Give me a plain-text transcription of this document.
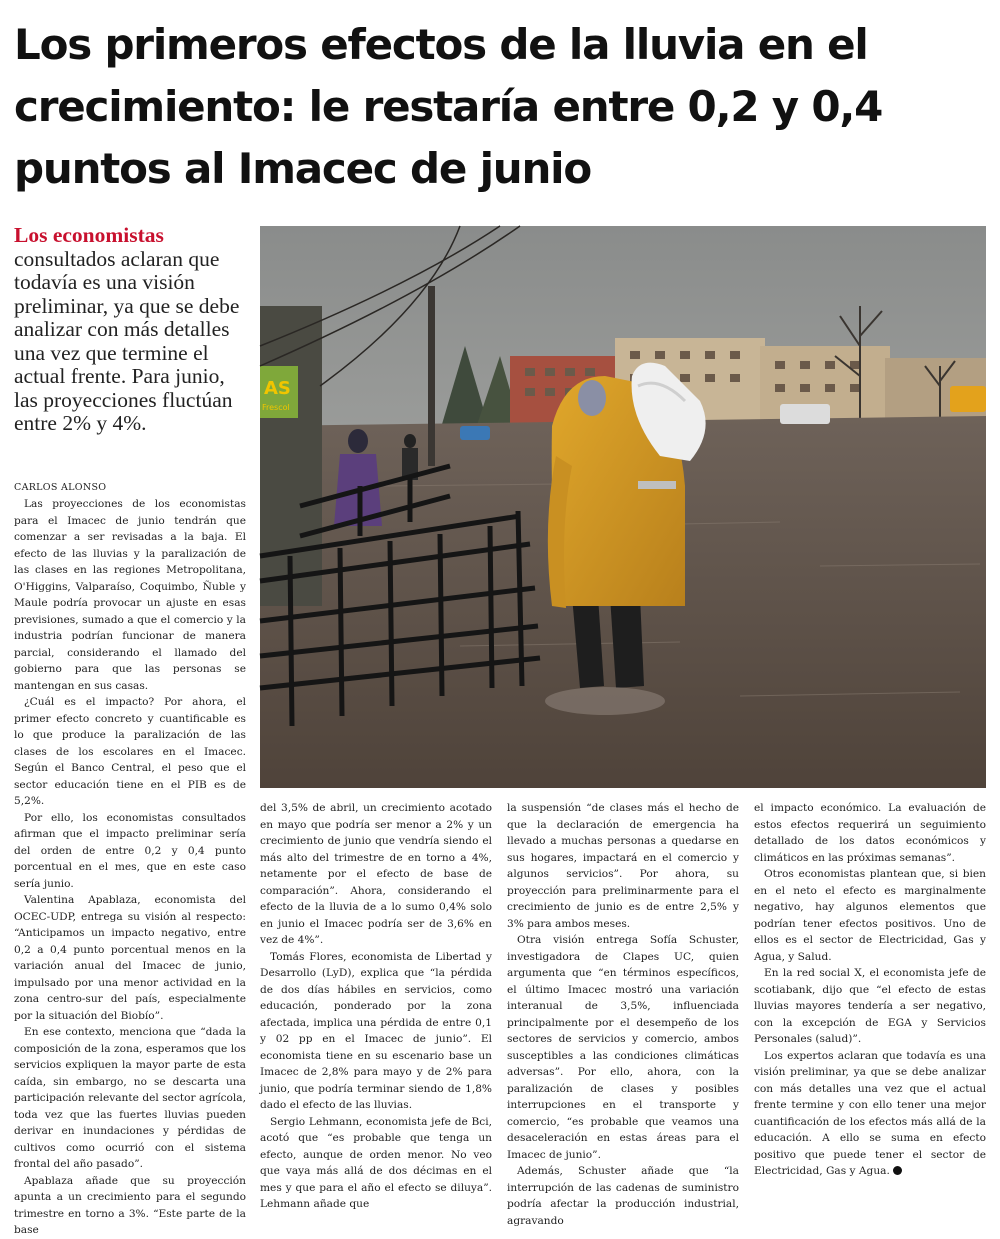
Los primeros efectos de la lluvia en el crecimiento: le restaría entre 0,2 y 0,4 puntos al Imacec de junio

Los economistas consultados aclaran que todavía es una visión preliminar, ya que se debe analizar con más detalles una vez que termine el actual frente. Para junio, las proyecciones fluctúan entre 2% y 4%.

CARLOS ALONSO
AS
Frescol

Las proyecciones de los economistas para el Imacec de junio tendrán que comenzar a ser revisadas a la baja. El efecto de las lluvias y la paralización de las clases en las regiones Metropolitana, O'Higgins, Valparaíso, Coquimbo, Ñuble y Maule podría provocar un ajuste en esas previsiones, sumado a que el comercio y la industria podrían funcionar de manera parcial, considerando el llamado del gobierno para que las personas se mantengan en sus casas.

¿Cuál es el impacto? Por ahora, el primer efecto concreto y cuantificable es lo que produce la paralización de las clases de los escolares en el Imacec. Según el Banco Central, el peso que el sector educación tiene en el PIB es de 5,2%.

Por ello, los economistas consultados afirman que el impacto preliminar sería del orden de entre 0,2 y 0,4 punto porcentual en el mes, que en este caso sería junio.

Valentina Apablaza, economista del OCEC-UDP, entrega su visión al respecto: “Anticipamos un impacto negativo, entre 0,2 a 0,4 punto porcentual menos en la variación anual del Imacec de junio, impulsado por una menor actividad en la zona centro-sur del país, especialmente por la situación del Biobío”.

En ese contexto, menciona que “dada la composición de la zona, esperamos que los servicios expliquen la mayor parte de esta caída, sin embargo, no se descarta una participación relevante del sector agrícola, toda vez que las fuertes lluvias pueden derivar en inundaciones y pérdidas de cultivos como ocurrió con el sistema frontal del año pasado”.

Apablaza añade que su proyección apunta a un crecimiento para el segundo trimestre en torno a 3%. “Este parte de la base

del 3,5% de abril, un crecimiento acotado en mayo que podría ser menor a 2% y un crecimiento de junio que vendría siendo el más alto del trimestre de en torno a 4%, netamente por el efecto de base de comparación”. Ahora, considerando el efecto de la lluvia de a lo sumo 0,4% solo en junio el Imacec podría ser de 3,6% en vez de 4%”.

Tomás Flores, economista de Libertad y Desarrollo (LyD), explica que “la pérdida de dos días hábiles en servicios, como educación, ponderado por la zona afectada, implica una pérdida de entre 0,1 y 02 pp en el Imacec de junio”. El economista tiene en su escenario base un Imacec de 2,8% para mayo y de 2% para junio, que podría terminar siendo de 1,8% dado el efecto de las lluvias.

Sergio Lehmann, economista jefe de Bci, acotó que “es probable que tenga un efecto, aunque de orden menor. No veo que vaya más allá de dos décimas en el mes y que para el año el efecto se diluya”. Lehmann añade que

la suspensión “de clases más el hecho de que la declaración de emergencia ha llevado a muchas personas a quedarse en sus hogares, impactará en el comercio y algunos servicios”. Por ahora, su proyección para preliminarmente para el crecimiento de junio es de entre 2,5% y 3% para ambos meses.

Otra visión entrega Sofía Schuster, investigadora de Clapes UC, quien argumenta que “en términos específicos, el último Imacec mostró una variación interanual de 3,5%, influenciada principalmente por el desempeño de los sectores de servicios y comercio, ambos susceptibles a las condiciones climáticas adversas”. Por ello, ahora, con la paralización de clases y posibles interrupciones en el transporte y comercio, “es probable que veamos una desaceleración en estas áreas para el Imacec de junio”.

Además, Schuster añade que “la interrupción de las cadenas de suministro podría afectar la producción industrial, agravando

el impacto económico. La evaluación de estos efectos requerirá un seguimiento detallado de los datos económicos y climáticos en las próximas semanas”.

Otros economistas plantean que, si bien en el neto el efecto es marginalmente negativo, hay algunos elementos que podrían tener efectos positivos. Uno de ellos es el sector de Electricidad, Gas y Agua, y Salud.

En la red social X, el economista jefe de scotiabank, dijo que “el efecto de estas lluvias mayores tendería a ser negativo, con la excepción de EGA y Servicios Personales (salud)”.

Los expertos aclaran que todavía es una visión preliminar, ya que se debe analizar con más detalles una vez que el actual frente termine y con ello tener una mejor cuantificación de los efectos más allá de la educación. A ello se suma en efecto positivo que puede tener el sector de Electricidad, Gas y Agua.
